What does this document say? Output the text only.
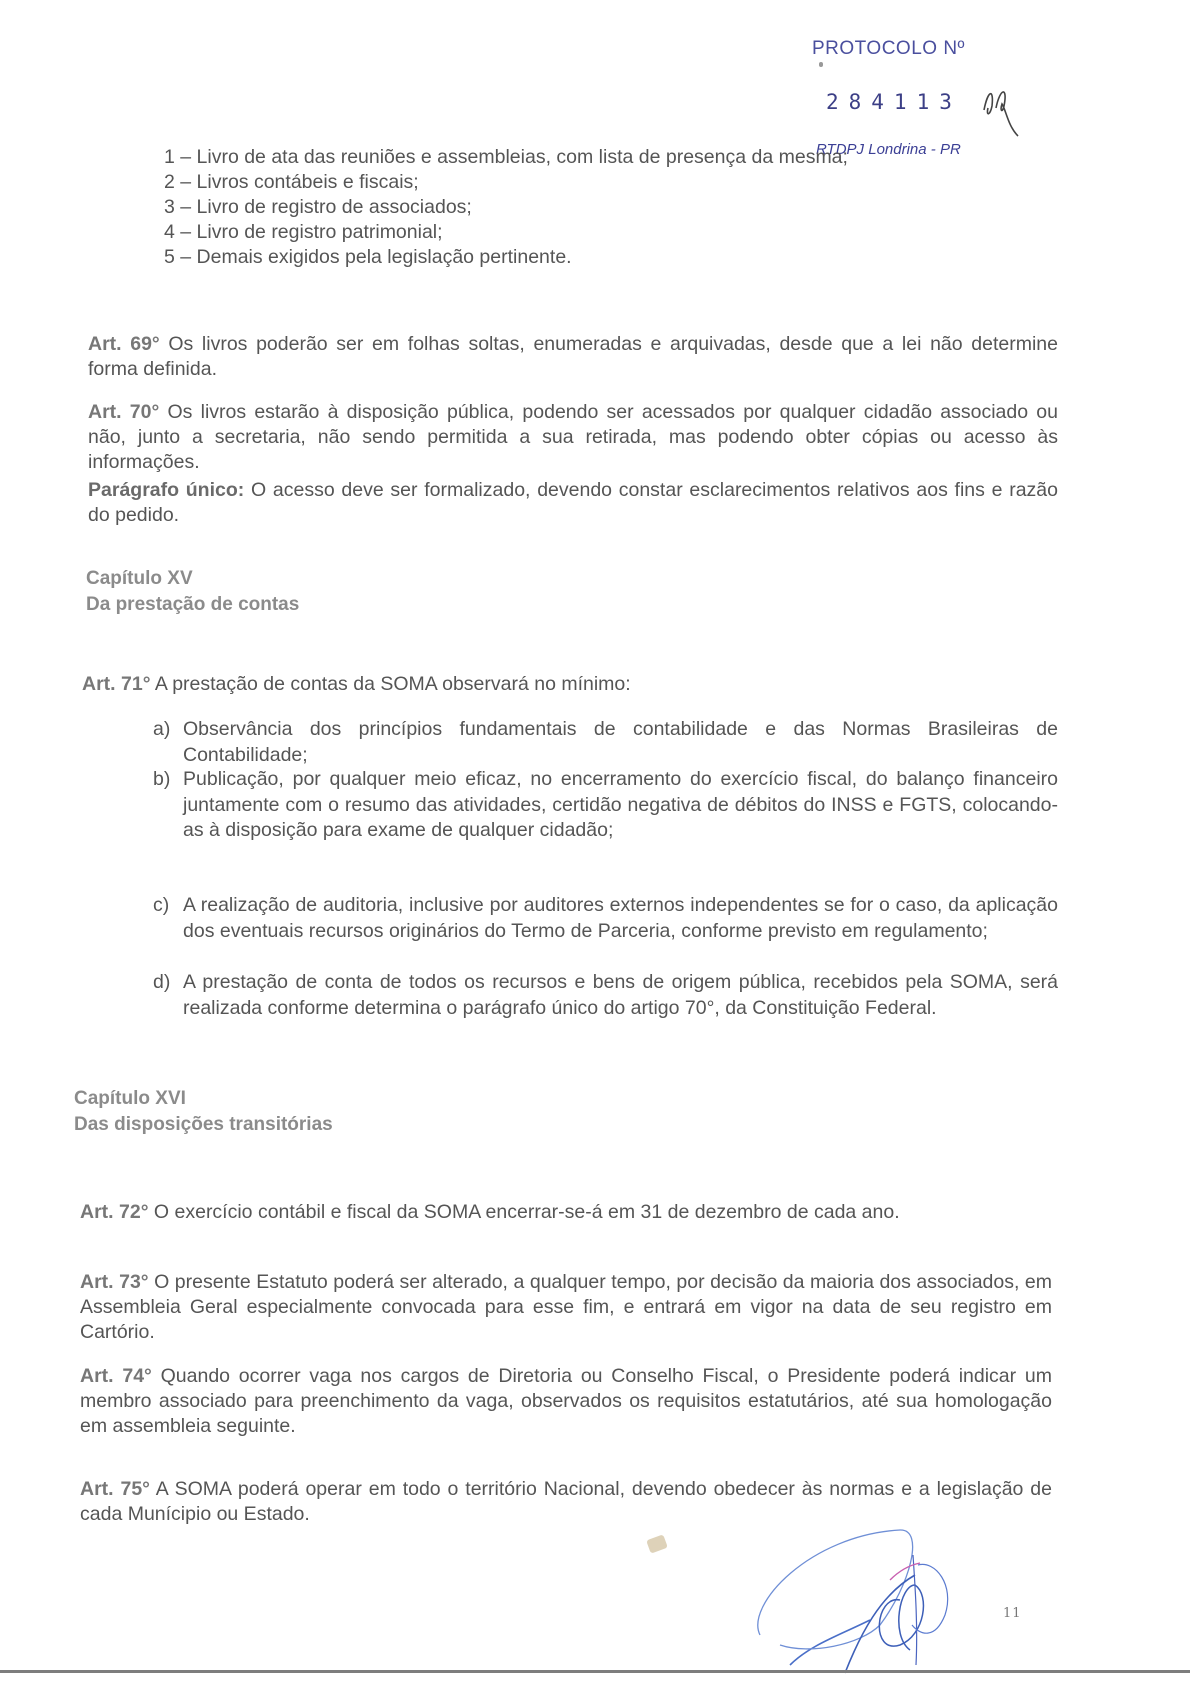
PROTOCOLO Nº
284113
RTDPJ Londrina - PR
1 – Livro de ata das reuniões e assembleias, com lista de presença da mesma;
2 – Livros contábeis e fiscais;
3 – Livro de registro de associados;
4 – Livro de registro patrimonial;
5 – Demais exigidos pela legislação pertinente.
Art. 69° Os livros poderão ser em folhas soltas, enumeradas e arquivadas, desde que a lei não determine forma definida.
Art. 70° Os livros estarão à disposição pública, podendo ser acessados por qualquer cidadão associado ou não, junto a secretaria, não sendo permitida a sua retirada, mas podendo obter cópias ou acesso às informações.
Parágrafo único: O acesso deve ser formalizado, devendo constar esclarecimentos relativos aos fins e razão do pedido.
Capítulo XV
Da prestação de contas
Art. 71° A prestação de contas da SOMA observará no mínimo:
a) Observância dos princípios fundamentais de contabilidade e das Normas Brasileiras de Contabilidade;
b) Publicação, por qualquer meio eficaz, no encerramento do exercício fiscal, do balanço financeiro juntamente com o resumo das atividades, certidão negativa de débitos do INSS e FGTS, colocando-as à disposição para exame de qualquer cidadão;
c) A realização de auditoria, inclusive por auditores externos independentes se for o caso, da aplicação dos eventuais recursos originários do Termo de Parceria, conforme previsto em regulamento;
d) A prestação de conta de todos os recursos e bens de origem pública, recebidos pela SOMA, será realizada conforme determina o parágrafo único do artigo 70°, da Constituição Federal.
Capítulo XVI
Das disposições transitórias
Art. 72° O exercício contábil e fiscal da SOMA encerrar-se-á em 31 de dezembro de cada ano.
Art. 73° O presente Estatuto poderá ser alterado, a qualquer tempo, por decisão da maioria dos associados, em Assembleia Geral especialmente convocada para esse fim, e entrará em vigor na data de seu registro em Cartório.
Art. 74° Quando ocorrer vaga nos cargos de Diretoria ou Conselho Fiscal, o Presidente poderá indicar um membro associado para preenchimento da vaga, observados os requisitos estatutários, até sua homologação em assembleia seguinte.
Art. 75° A SOMA poderá operar em todo o território Nacional, devendo obedecer às normas e a legislação de cada Munícipio ou Estado.
11
